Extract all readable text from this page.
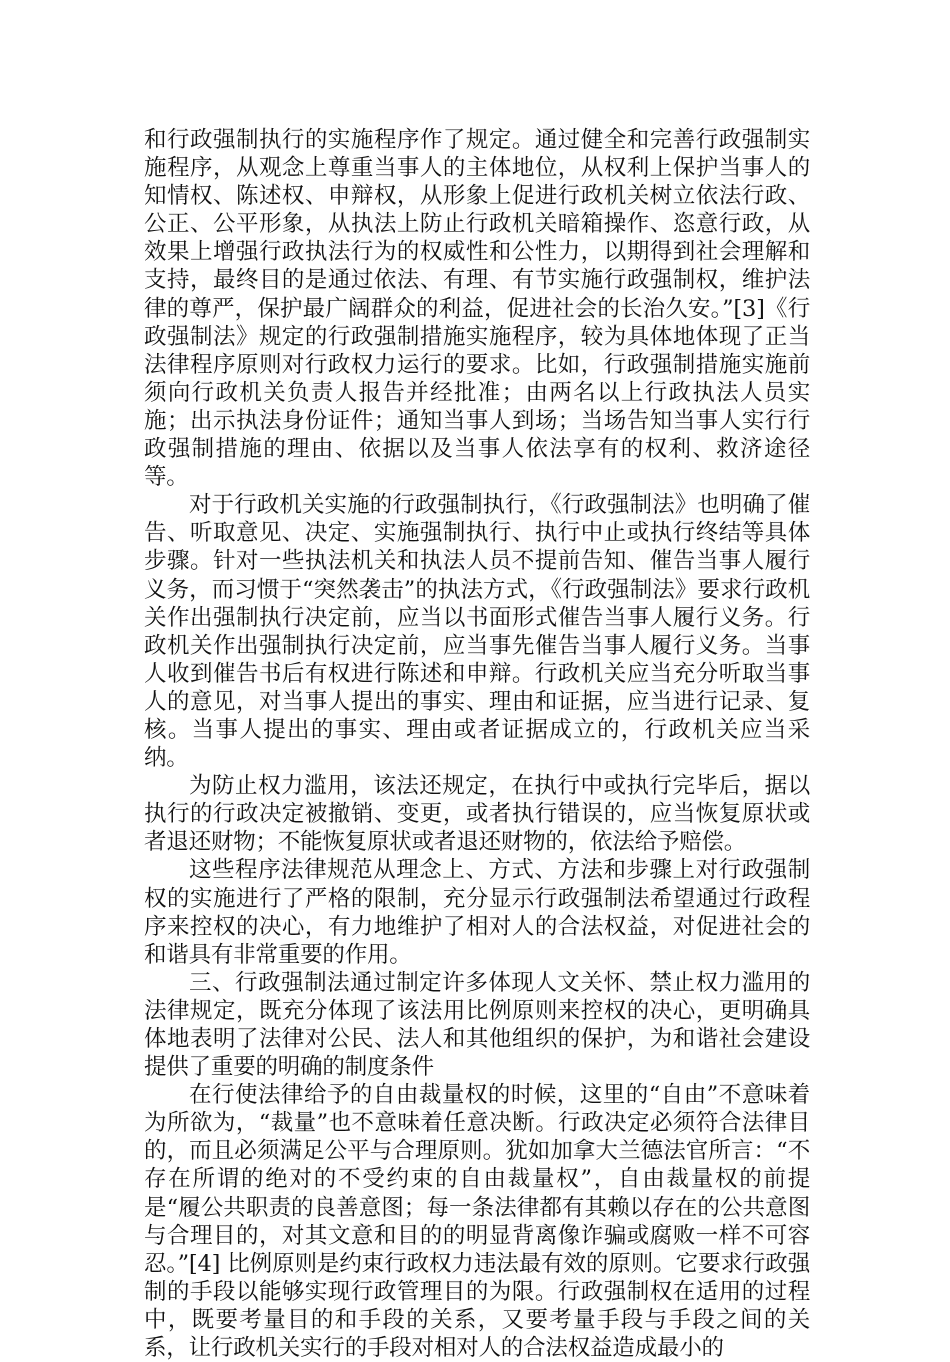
和行政强制执行的实施程序作了规定。通过健全和完善行政强制实施程序，从观念上尊重当事人的主体地位，从权利上保护当事人的知情权、陈述权、申辩权，从形象上促进行政机关树立依法行政、公正、公平形象，从执法上防止行政机关暗箱操作、恣意行政，从效果上增强行政执法行为的权威性和公性力，以期得到社会理解和支持，最终目的是通过依法、有理、有节实施行政强制权，维护法律的尊严，保护最广阔群众的利益，促进社会的长治久安。”[3]《行政强制法》规定的行政强制措施实施程序，较为具体地体现了正当法律程序原则对行政权力运行的要求。比如，行政强制措施实施前须向行政机关负责人报告并经批准；由两名以上行政执法人员实施；出示执法身份证件；通知当事人到场；当场告知当事人实行行政强制措施的理由、依据以及当事人依法享有的权利、救济途径等。

对于行政机关实施的行政强制执行，《行政强制法》也明确了催告、听取意见、决定、实施强制执行、执行中止或执行终结等具体步骤。针对一些执法机关和执法人员不提前告知、催告当事人履行义务，而习惯于“突然袭击”的执法方式，《行政强制法》要求行政机关作出强制执行决定前，应当以书面形式催告当事人履行义务。行政机关作出强制执行决定前，应当事先催告当事人履行义务。当事人收到催告书后有权进行陈述和申辩。行政机关应当充分听取当事人的意见，对当事人提出的事实、理由和证据，应当进行记录、复核。当事人提出的事实、理由或者证据成立的，行政机关应当采纳。

为防止权力滥用，该法还规定，在执行中或执行完毕后，据以执行的行政决定被撤销、变更，或者执行错误的，应当恢复原状或者退还财物；不能恢复原状或者退还财物的，依法给予赔偿。

这些程序法律规范从理念上、方式、方法和步骤上对行政强制权的实施进行了严格的限制，充分显示行政强制法希望通过行政程序来控权的决心，有力地维护了相对人的合法权益，对促进社会的和谐具有非常重要的作用。

三、行政强制法通过制定许多体现人文关怀、禁止权力滥用的法律规定，既充分体现了该法用比例原则来控权的决心，更明确具体地表明了法律对公民、法人和其他组织的保护，为和谐社会建设提供了重要的明确的制度条件

在行使法律给予的自由裁量权的时候，这里的“自由”不意味着为所欲为，“裁量”也不意味着任意决断。行政决定必须符合法律目的，而且必须满足公平与合理原则。犹如加拿大兰德法官所言：“不存在所谓的绝对的不受约束的自由裁量权”，自由裁量权的前提是“履公共职责的良善意图；每一条法律都有其赖以存在的公共意图与合理目的，对其文意和目的的明显背离像诈骗或腐败一样不可容忍。”[4] 比例原则是约束行政权力违法最有效的原则。它要求行政强制的手段以能够实现行政管理目的为限。行政强制权在适用的过程中，既要考量目的和手段的关系，又要考量手段与手段之间的关系，让行政机关实行的手段对相对人的合法权益造成最小的
